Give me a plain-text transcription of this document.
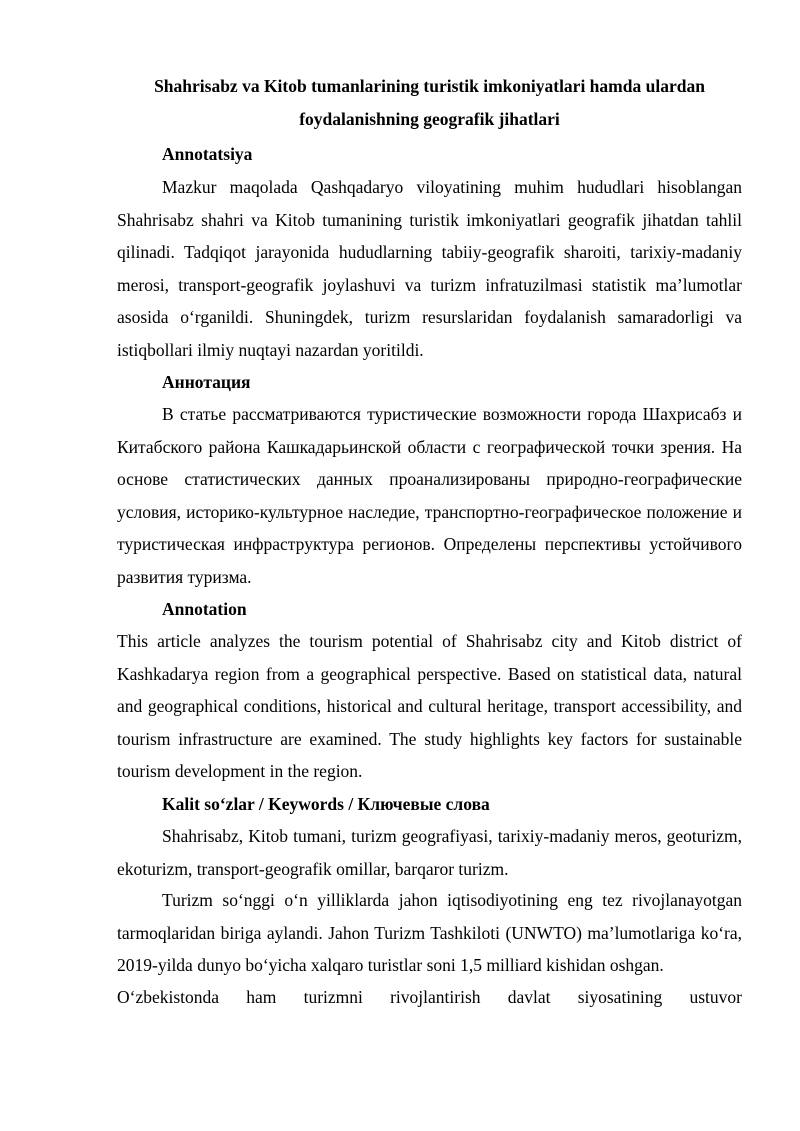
Shahrisabz va Kitob tumanlarining turistik imkoniyatlari hamda ulardan foydalanishning geografik jihatlari

Annotatsiya

Mazkur maqolada Qashqadaryo viloyatining muhim hududlari hisoblangan Shahrisabz shahri va Kitob tumanining turistik imkoniyatlari geografik jihatdan tahlil qilinadi. Tadqiqot jarayonida hududlarning tabiiy-geografik sharoiti, tarixiy-madaniy merosi, transport-geografik joylashuvi va turizm infratuzilmasi statistik ma’lumotlar asosida o‘rganildi. Shuningdek, turizm resurslaridan foydalanish samaradorligi va istiqbollari ilmiy nuqtayi nazardan yoritildi.

Аннотация

В статье рассматриваются туристические возможности города Шахрисабз и Китабского района Кашкадарьинской области с географической точки зрения. На основе статистических данных проанализированы природно-географические условия, историко-культурное наследие, транспортно-географическое положение и туристическая инфраструктура регионов. Определены перспективы устойчивого развития туризма.

Annotation

This article analyzes the tourism potential of Shahrisabz city and Kitob district of Kashkadarya region from a geographical perspective. Based on statistical data, natural and geographical conditions, historical and cultural heritage, transport accessibility, and tourism infrastructure are examined. The study highlights key factors for sustainable tourism development in the region.

Kalit so‘zlar / Keywords / Ключевые слова

Shahrisabz, Kitob tumani, turizm geografiyasi, tarixiy-madaniy meros, geoturizm, ekoturizm, transport-geografik omillar, barqaror turizm.

Turizm so‘nggi o‘n yilliklarda jahon iqtisodiyotining eng tez rivojlanayotgan tarmoqlaridan biriga aylandi. Jahon Turizm Tashkiloti (UNWTO) ma’lumotlariga ko‘ra, 2019-yilda dunyo bo‘yicha xalqaro turistlar soni 1,5 milliard kishidan oshgan.

O‘zbekistonda ham turizmni rivojlantirish davlat siyosatining ustuvor
